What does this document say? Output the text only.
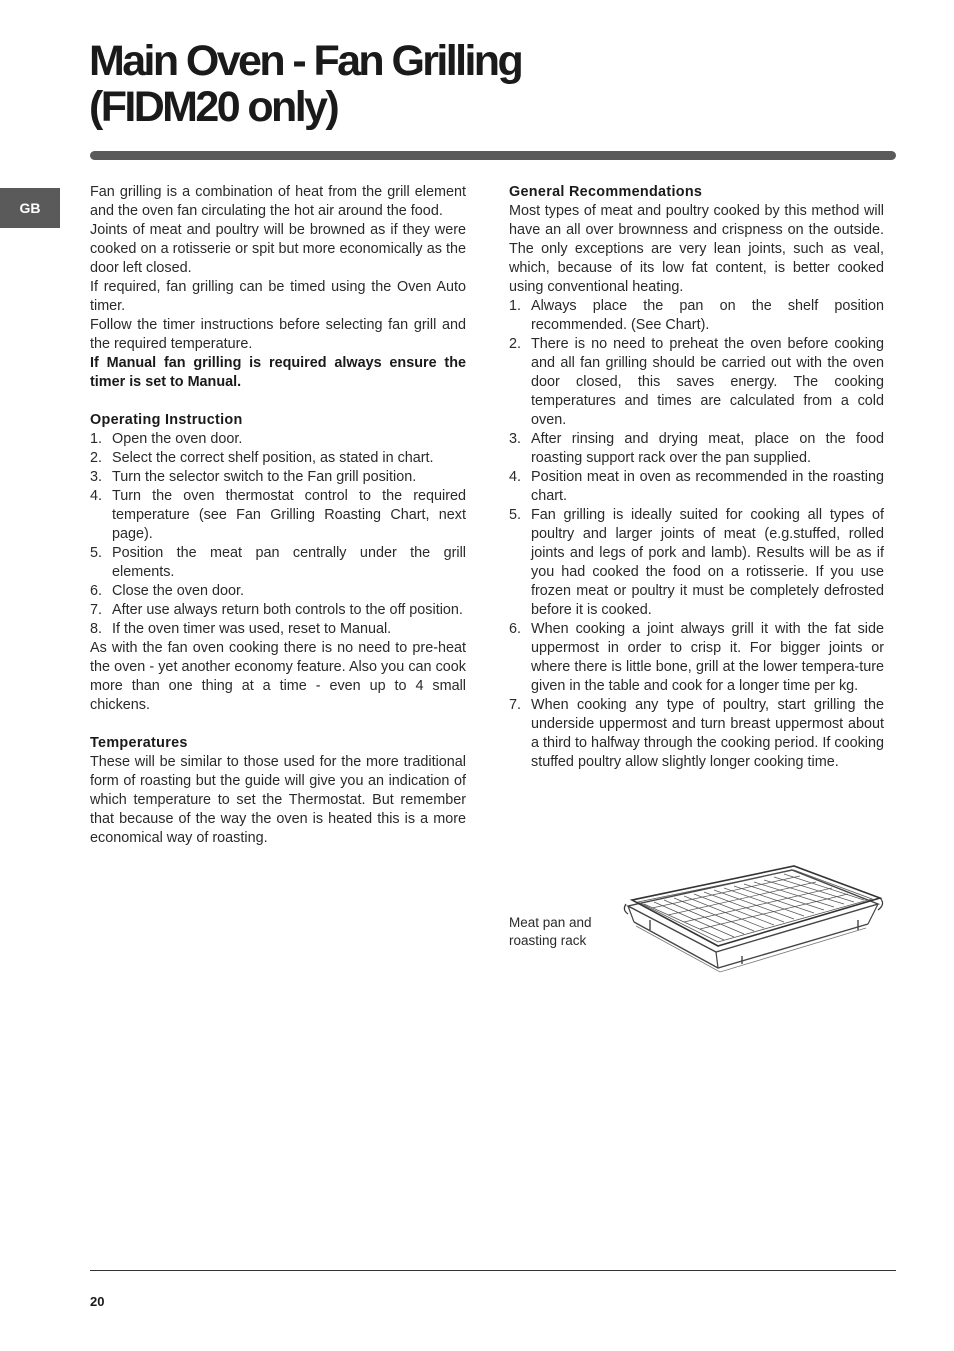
Main Oven - Fan Grilling
(FIDM20 only)
GB

Fan grilling is a combination of heat from the grill element and the oven fan circulating the hot air around the food.

Joints of meat and poultry will be browned as if they were cooked on a rotisserie or spit but more economically as the door left closed.

If required, fan grilling can be timed using the Oven Auto timer.

Follow the timer instructions before selecting fan grill and the required temperature.

If Manual fan grilling is required always ensure the timer is set to Manual.

Operating Instruction
1. Open the oven door.
2. Select the correct shelf position, as stated in chart.
3. Turn the selector switch to the Fan grill position.
4. Turn the oven thermostat control to the required temperature (see Fan Grilling Roasting Chart, next page).
5. Position the meat pan centrally under the grill elements.
6. Close the oven door.
7. After use always return both controls to the off position.
8. If the oven timer was used, reset to Manual.

As with the fan oven cooking there is no need to pre-heat the oven - yet another economy feature. Also you can cook more than one thing at a time - even up to 4 small chickens.

Temperatures

These will be similar to those used for the more traditional form of roasting but the guide will give you an indication of which temperature to set the Thermostat. But remember that because of the way the oven is heated this is a more economical way of roasting.

General Recommendations

Most types of meat and poultry cooked by this method will have an all over brownness and crispness on the outside. The only exceptions are very lean joints, such as veal, which, because of its low fat content, is better cooked using conventional heating.

1. Always place the pan on the shelf position recommended. (See Chart).
2. There is no need to preheat the oven before cooking and all fan grilling should be carried out with the oven door closed, this saves energy. The cooking temperatures and times are calculated from a cold oven.
3. After rinsing and drying meat, place on the food roasting support rack over the pan supplied.
4. Position meat in oven as recommended in the roasting chart.
5. Fan grilling is ideally suited for cooking all types of poultry and larger joints of meat (e.g.stuffed, rolled joints and legs of pork and lamb). Results will be as if you had cooked the food on a rotisserie. If you use frozen meat or poultry it must be completely defrosted before it is cooked.
6. When cooking a joint always grill it with the fat side uppermost in order to crisp it. For bigger joints or where there is little bone, grill at the lower tempera-ture given in the table and cook for a longer time per kg.
7. When cooking any type of poultry, start grilling the underside uppermost and turn breast uppermost about a third to halfway through the cooking period. If cooking stuffed poultry allow slightly longer cooking time.
Meat pan and roasting rack
20
